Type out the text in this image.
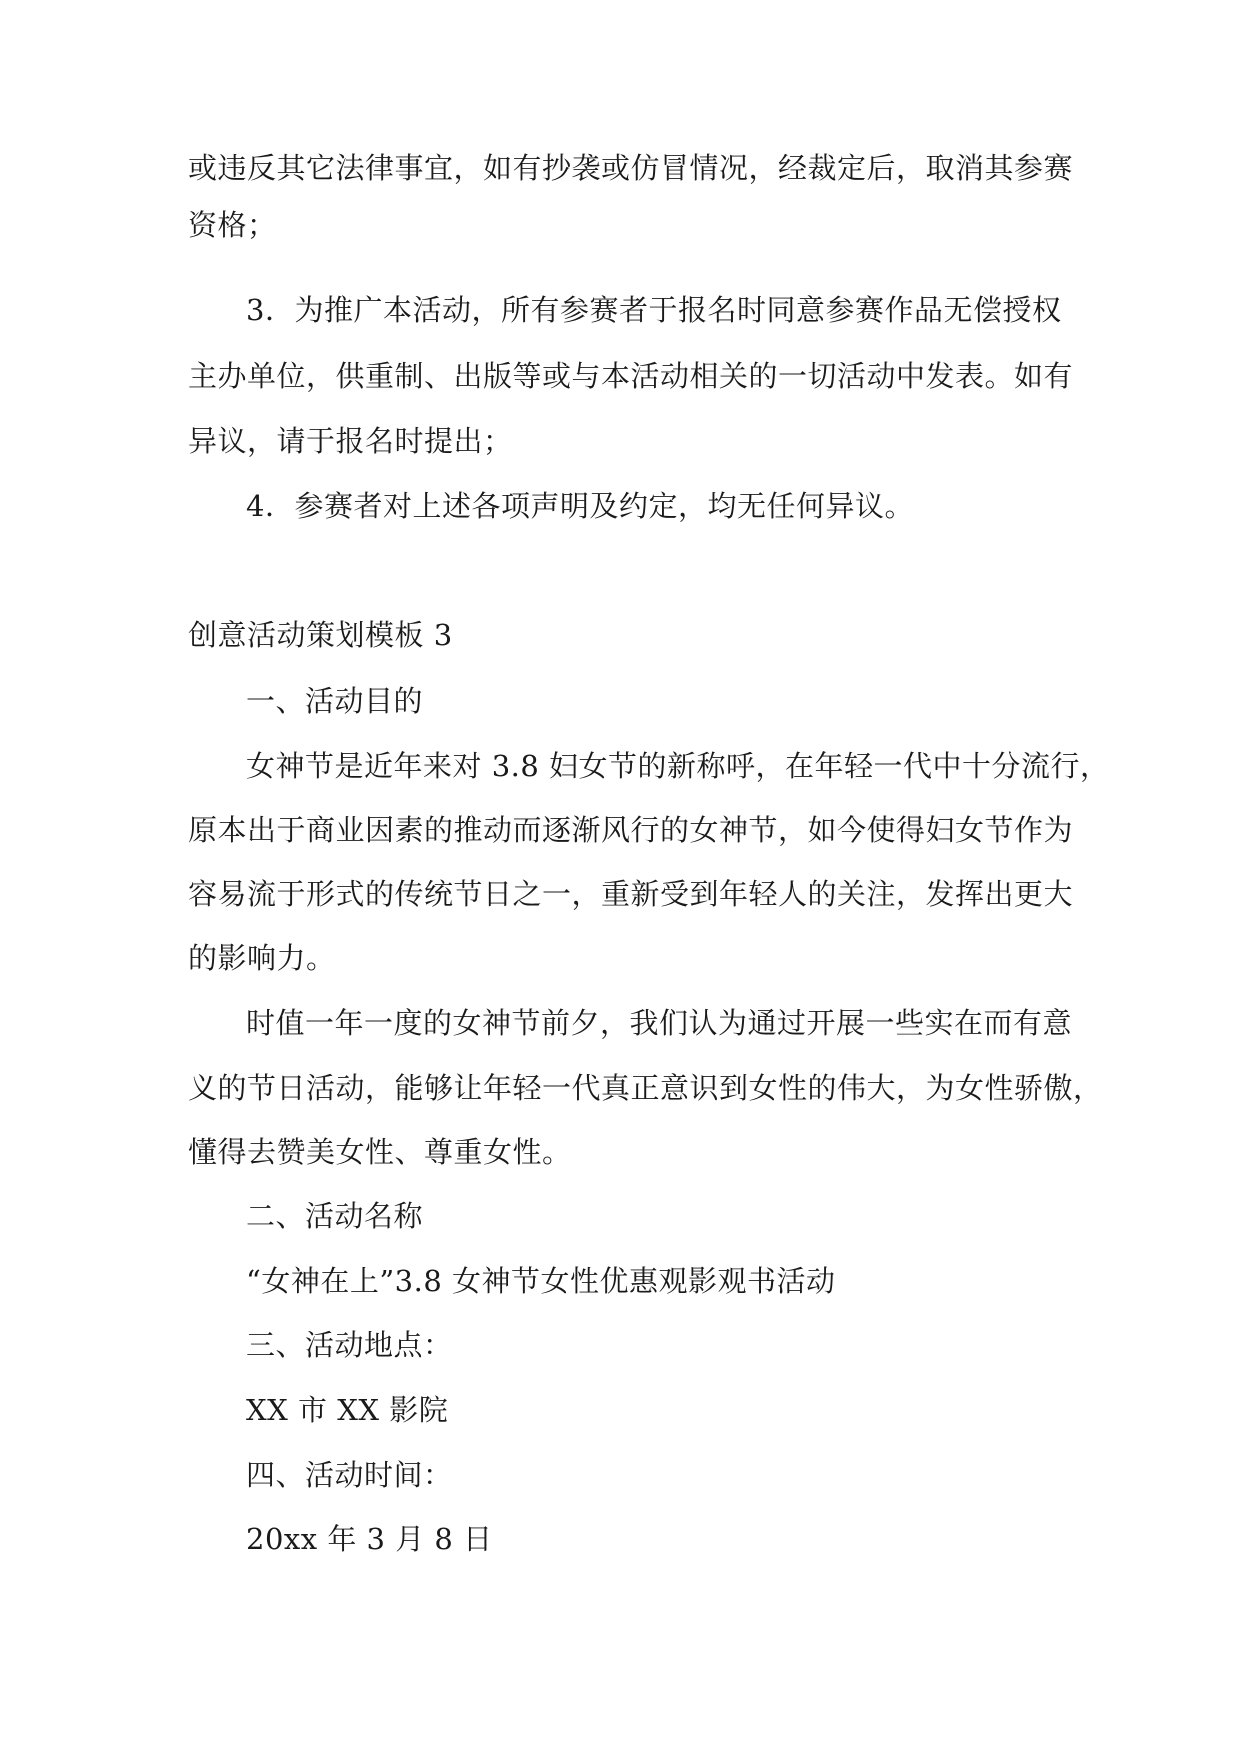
或违反其它法律事宜，如有抄袭或仿冒情况，经裁定后，取消其参赛
资格；
3．为推广本活动，所有参赛者于报名时同意参赛作品无偿授权
主办单位，供重制、出版等或与本活动相关的一切活动中发表。如有
异议，请于报名时提出；
4．参赛者对上述各项声明及约定，均无任何异议。
创意活动策划模板 3
一、活动目的
女神节是近年来对 3.8 妇女节的新称呼，在年轻一代中十分流行，
原本出于商业因素的推动而逐渐风行的女神节，如今使得妇女节作为
容易流于形式的传统节日之一，重新受到年轻人的关注，发挥出更大
的影响力。
时值一年一度的女神节前夕，我们认为通过开展一些实在而有意
义的节日活动，能够让年轻一代真正意识到女性的伟大，为女性骄傲，
懂得去赞美女性、尊重女性。
二、活动名称
“女神在上”3.8 女神节女性优惠观影观书活动
三、活动地点：
XX 市 XX 影院
四、活动时间：
20xx 年 3 月 8 日
